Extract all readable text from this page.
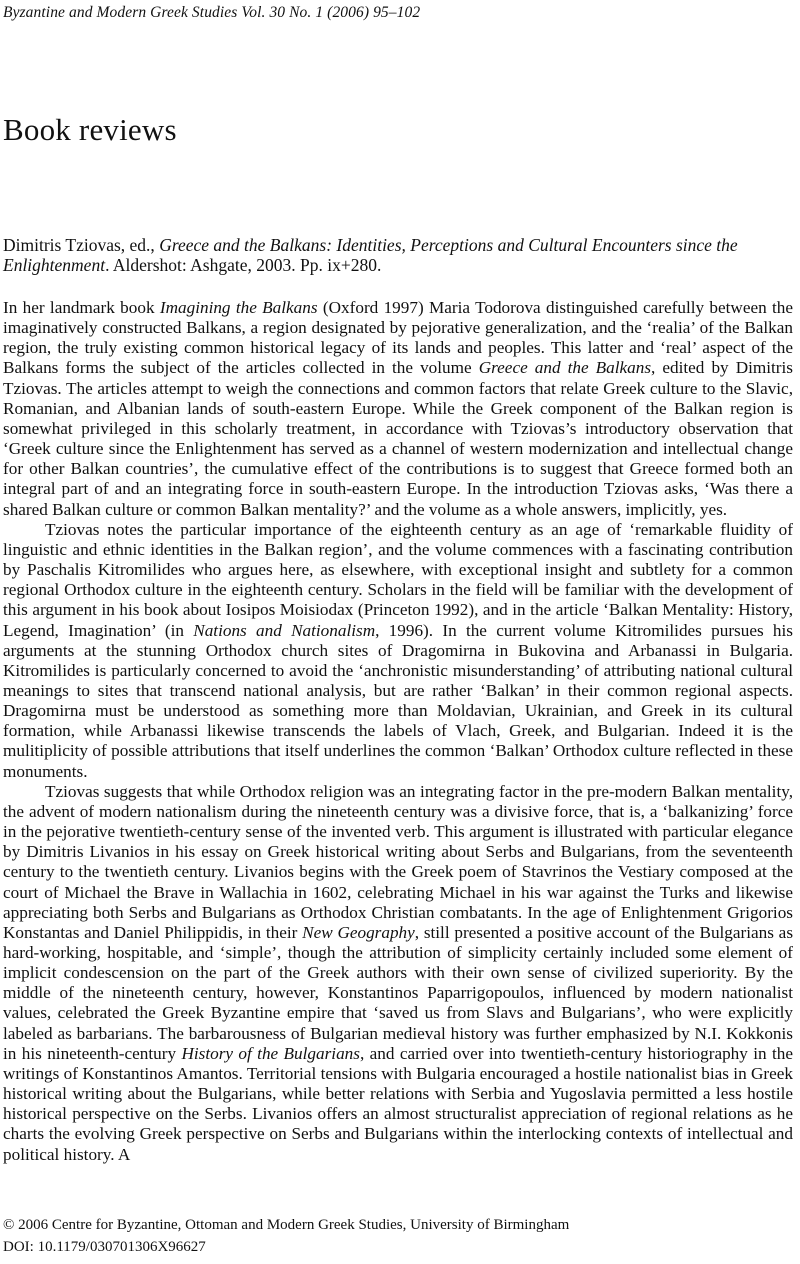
Byzantine and Modern Greek Studies Vol. 30 No. 1 (2006) 95–102
Book reviews

Dimitris Tziovas, ed., Greece and the Balkans: Identities, Perceptions and Cultural Encounters since the Enlightenment. Aldershot: Ashgate, 2003. Pp. ix+280.

In her landmark book Imagining the Balkans (Oxford 1997) Maria Todorova distinguished carefully between the imaginatively constructed Balkans, a region designated by pejorative generalization, and the ‘realia’ of the Balkan region, the truly existing common historical legacy of its lands and peoples. This latter and ‘real’ aspect of the Balkans forms the subject of the articles collected in the volume Greece and the Balkans, edited by Dimitris Tziovas. The articles attempt to weigh the connections and common factors that relate Greek culture to the Slavic, Romanian, and Albanian lands of south-eastern Europe. While the Greek component of the Balkan region is somewhat privileged in this scholarly treatment, in accordance with Tziovas’s introductory observation that ‘Greek culture since the Enlightenment has served as a channel of western modernization and intellectual change for other Balkan countries’, the cumulative effect of the contributions is to suggest that Greece formed both an integral part of and an integrating force in south-eastern Europe. In the introduction Tziovas asks, ‘Was there a shared Balkan culture or common Balkan mentality?’ and the volume as a whole answers, implicitly, yes.

Tziovas notes the particular importance of the eighteenth century as an age of ‘remarkable fluidity of linguistic and ethnic identities in the Balkan region’, and the volume commences with a fascinating contribution by Paschalis Kitromilides who argues here, as elsewhere, with exceptional insight and subtlety for a common regional Orthodox culture in the eighteenth century. Scholars in the field will be familiar with the development of this argument in his book about Iosipos Moisiodax (Princeton 1992), and in the article ‘Balkan Mentality: History, Legend, Imagination’ (in Nations and Nationalism, 1996). In the current volume Kitromilides pursues his arguments at the stunning Orthodox church sites of Dragomirna in Bukovina and Arbanassi in Bulgaria. Kitromilides is particularly concerned to avoid the ‘anchronistic misunderstanding’ of attributing national cultural meanings to sites that transcend national analysis, but are rather ‘Balkan’ in their common regional aspects. Dragomirna must be understood as something more than Moldavian, Ukrainian, and Greek in its cultural formation, while Arbanassi likewise transcends the labels of Vlach, Greek, and Bulgarian. Indeed it is the mulitiplicity of possible attributions that itself underlines the common ‘Balkan’ Orthodox culture reflected in these monuments.

Tziovas suggests that while Orthodox religion was an integrating factor in the pre-modern Balkan mentality, the advent of modern nationalism during the nineteenth century was a divisive force, that is, a ‘balkanizing’ force in the pejorative twentieth-century sense of the invented verb. This argument is illustrated with particular elegance by Dimitris Livanios in his essay on Greek historical writing about Serbs and Bulgarians, from the seventeenth century to the twentieth century. Livanios begins with the Greek poem of Stavrinos the Vestiary composed at the court of Michael the Brave in Wallachia in 1602, celebrating Michael in his war against the Turks and likewise appreciating both Serbs and Bulgarians as Orthodox Christian combatants. In the age of Enlightenment Grigorios Konstantas and Daniel Philippidis, in their New Geography, still presented a positive account of the Bulgarians as hard-working, hospitable, and ‘simple’, though the attribution of simplicity certainly included some element of implicit condescension on the part of the Greek authors with their own sense of civilized superiority. By the middle of the nineteenth century, however, Konstantinos Paparrigopoulos, influenced by modern nationalist values, celebrated the Greek Byzantine empire that ‘saved us from Slavs and Bulgarians’, who were explicitly labeled as barbarians. The barbarousness of Bulgarian medieval history was further emphasized by N.I. Kokkonis in his nineteenth-century History of the Bulgarians, and carried over into twentieth-century historiography in the writings of Konstantinos Amantos. Territorial tensions with Bulgaria encouraged a hostile nationalist bias in Greek historical writing about the Bulgarians, while better relations with Serbia and Yugoslavia permitted a less hostile historical perspective on the Serbs. Livanios offers an almost structuralist appreciation of regional relations as he charts the evolving Greek perspective on Serbs and Bulgarians within the interlocking contexts of intellectual and political history. A

© 2006 Centre for Byzantine, Ottoman and Modern Greek Studies, University of Birmingham
DOI: 10.1179/030701306X96627
